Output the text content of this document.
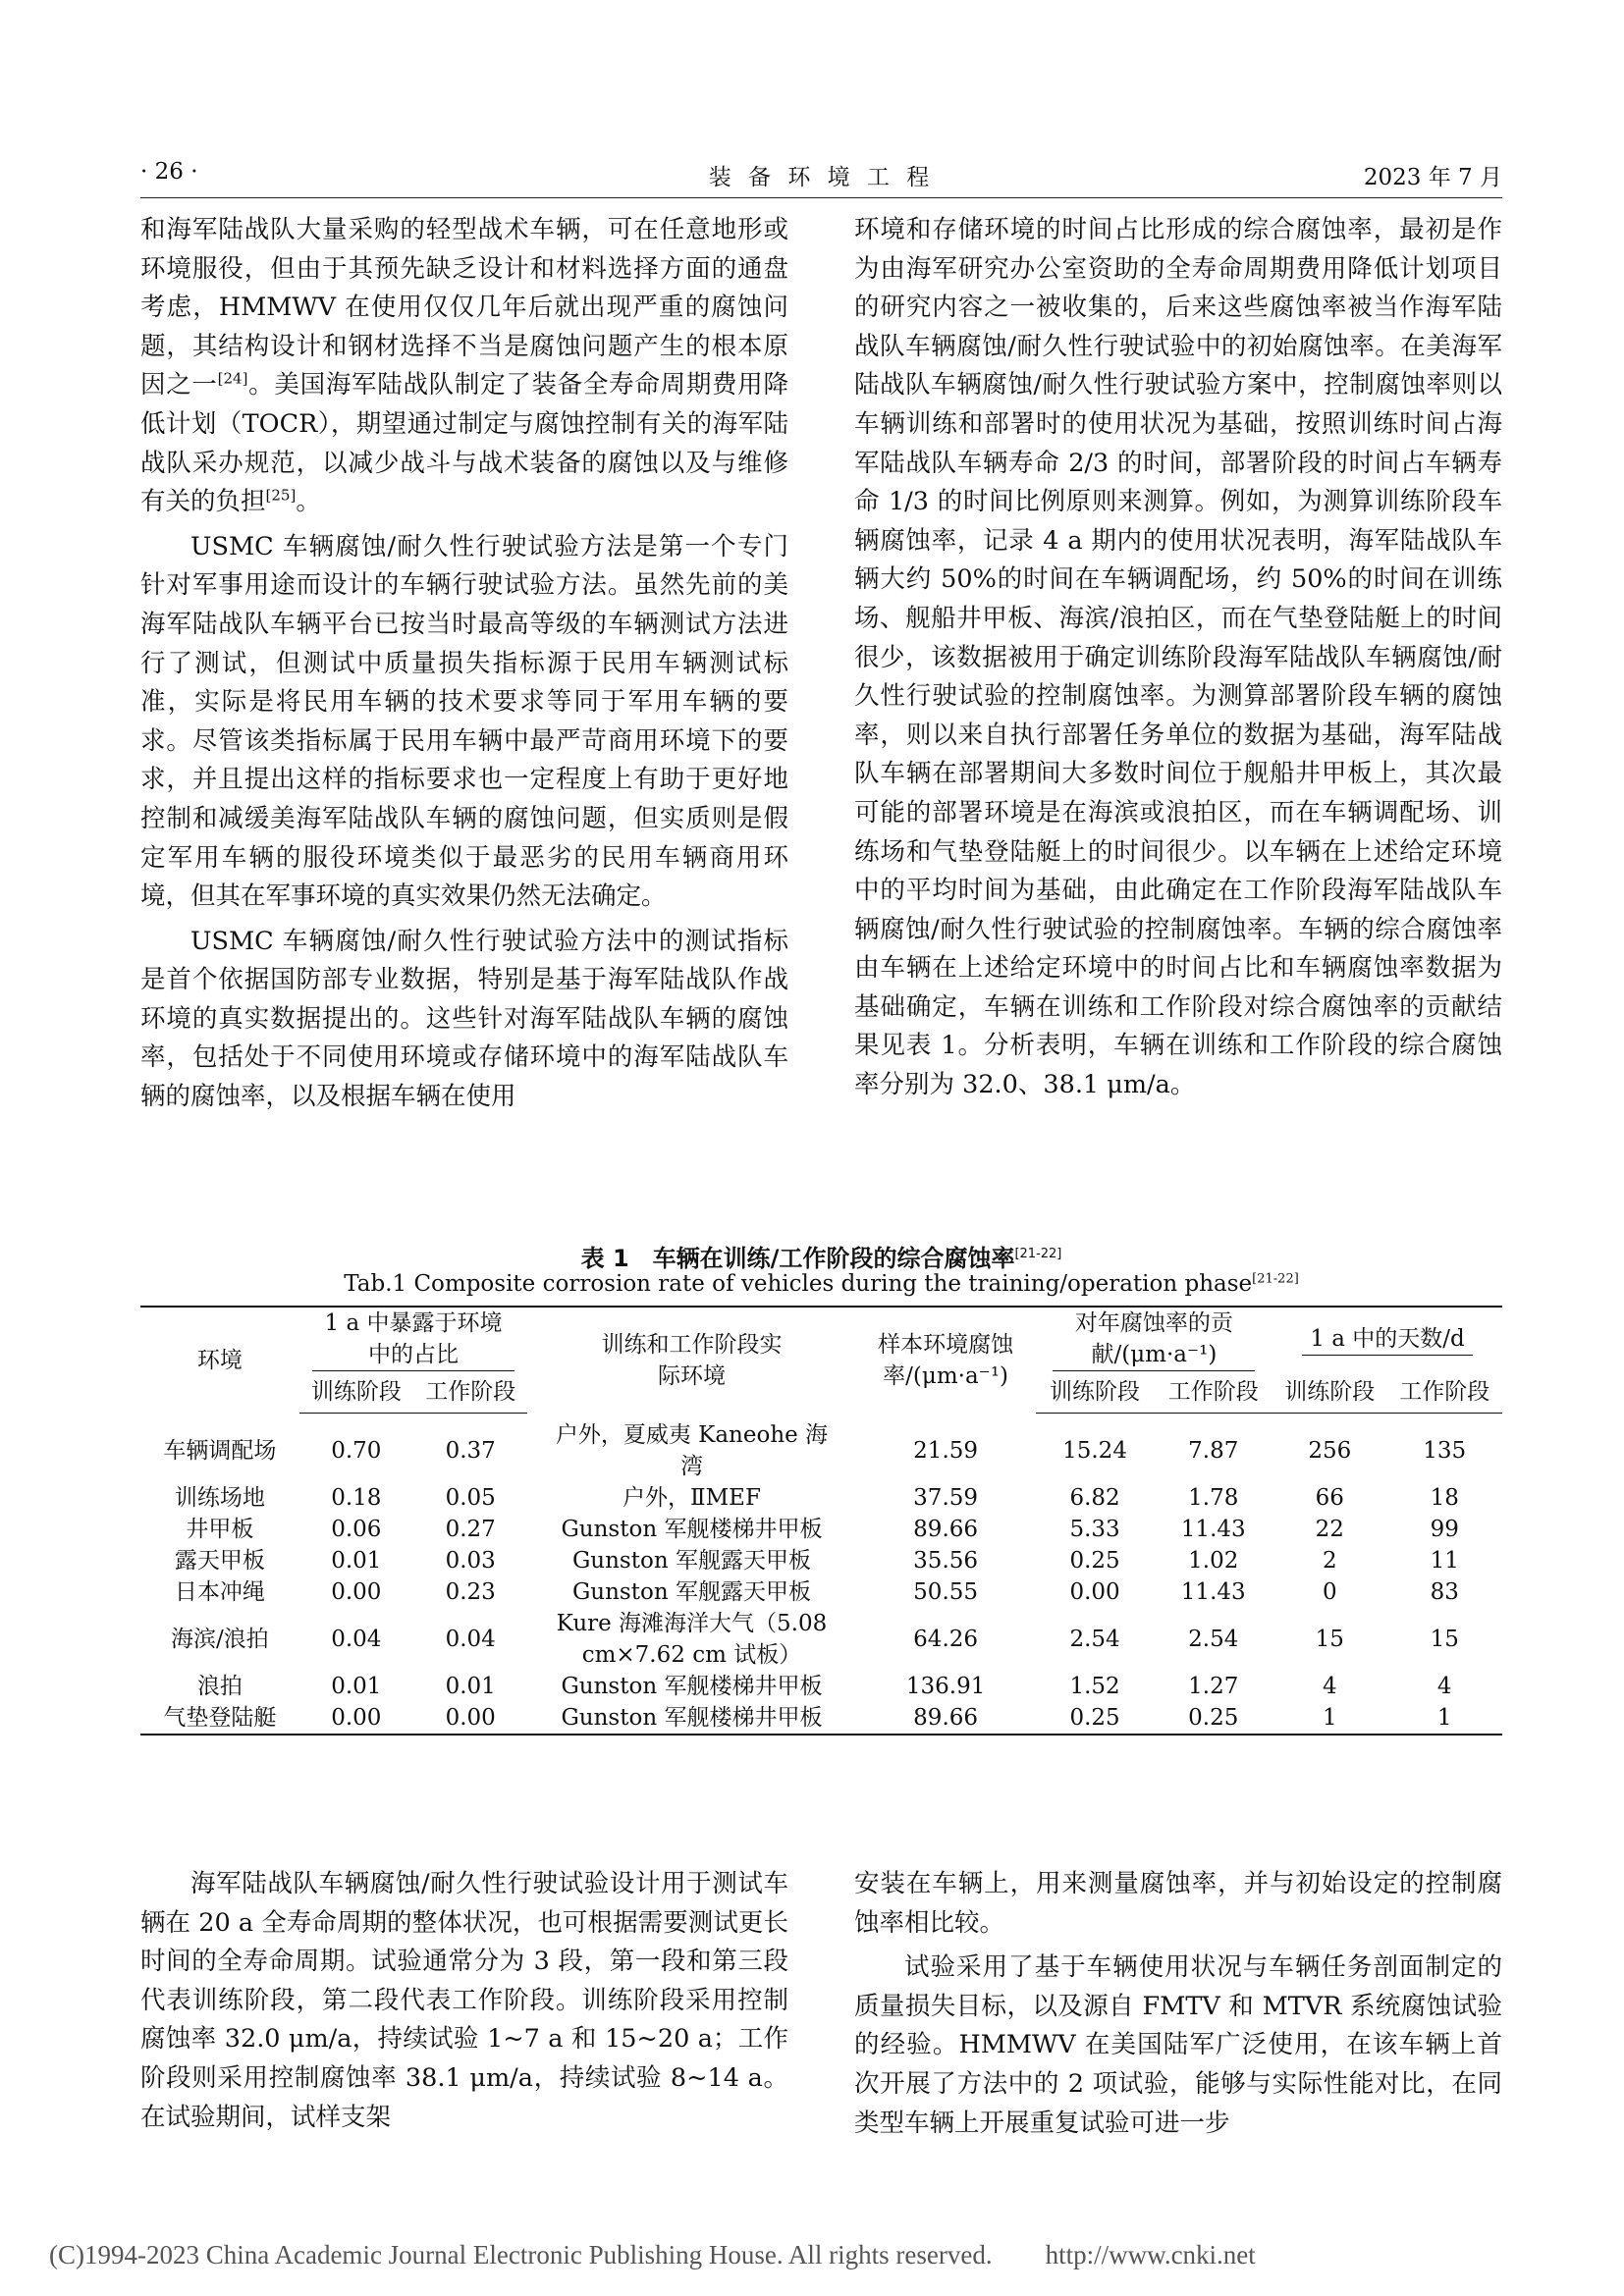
· 26 ·	装 备 环 境 工 程	2023 年 7 月

和海军陆战队大量采购的轻型战术车辆，可在任意地形或环境服役，但由于其预先缺乏设计和材料选择方面的通盘考虑，HMMWV 在使用仅仅几年后就出现严重的腐蚀问题，其结构设计和钢材选择不当是腐蚀问题产生的根本原因之一[24]。美国海军陆战队制定了装备全寿命周期费用降低计划（TOCR），期望通过制定与腐蚀控制有关的海军陆战队采办规范，以减少战斗与战术装备的腐蚀以及与维修有关的负担[25]。

USMC 车辆腐蚀/耐久性行驶试验方法是第一个专门针对军事用途而设计的车辆行驶试验方法。虽然先前的美海军陆战队车辆平台已按当时最高等级的车辆测试方法进行了测试，但测试中质量损失指标源于民用车辆测试标准，实际是将民用车辆的技术要求等同于军用车辆的要求。尽管该类指标属于民用车辆中最严苛商用环境下的要求，并且提出这样的指标要求也一定程度上有助于更好地控制和减缓美海军陆战队车辆的腐蚀问题，但实质则是假定军用车辆的服役环境类似于最恶劣的民用车辆商用环境，但其在军事环境的真实效果仍然无法确定。

USMC 车辆腐蚀/耐久性行驶试验方法中的测试指标是首个依据国防部专业数据，特别是基于海军陆战队作战环境的真实数据提出的。这些针对海军陆战队车辆的腐蚀率，包括处于不同使用环境或存储环境中的海军陆战队车辆的腐蚀率，以及根据车辆在使用

环境和存储环境的时间占比形成的综合腐蚀率，最初是作为由海军研究办公室资助的全寿命周期费用降低计划项目的研究内容之一被收集的，后来这些腐蚀率被当作海军陆战队车辆腐蚀/耐久性行驶试验中的初始腐蚀率。在美海军陆战队车辆腐蚀/耐久性行驶试验方案中，控制腐蚀率则以车辆训练和部署时的使用状况为基础，按照训练时间占海军陆战队车辆寿命 2/3 的时间，部署阶段的时间占车辆寿命 1/3 的时间比例原则来测算。例如，为测算训练阶段车辆腐蚀率，记录 4 a 期内的使用状况表明，海军陆战队车辆大约 50%的时间在车辆调配场，约 50%的时间在训练场、舰船井甲板、海滨/浪拍区，而在气垫登陆艇上的时间很少，该数据被用于确定训练阶段海军陆战队车辆腐蚀/耐久性行驶试验的控制腐蚀率。为测算部署阶段车辆的腐蚀率，则以来自执行部署任务单位的数据为基础，海军陆战队车辆在部署期间大多数时间位于舰船井甲板上，其次最可能的部署环境是在海滨或浪拍区，而在车辆调配场、训练场和气垫登陆艇上的时间很少。以车辆在上述给定环境中的平均时间为基础，由此确定在工作阶段海军陆战队车辆腐蚀/耐久性行驶试验的控制腐蚀率。车辆的综合腐蚀率由车辆在上述给定环境中的时间占比和车辆腐蚀率数据为基础确定，车辆在训练和工作阶段对综合腐蚀率的贡献结果见表 1。分析表明，车辆在训练和工作阶段的综合腐蚀率分别为 32.0、38.1 μm/a。

表 1　车辆在训练/工作阶段的综合腐蚀率[21-22]
Tab.1 Composite corrosion rate of vehicles during the training/operation phase[21-22]
环境	1 a 中暴露于环境中的占比		训练和工作阶段实际环境	样本环境腐蚀率/(μm·a⁻¹)	对年腐蚀率的贡献/(μm·a⁻¹)		1 a 中的天数/d	
	训练阶段	工作阶段			训练阶段	工作阶段	训练阶段	工作阶段
车辆调配场	0.70	0.37	户外，夏威夷 Kaneohe 海湾	21.59	15.24	7.87	256	135
训练场地	0.18	0.05	户外，ⅡMEF	37.59	6.82	1.78	66	18
井甲板	0.06	0.27	Gunston 军舰楼梯井甲板	89.66	5.33	11.43	22	99
露天甲板	0.01	0.03	Gunston 军舰露天甲板	35.56	0.25	1.02	2	11
日本冲绳	0.00	0.23	Gunston 军舰露天甲板	50.55	0.00	11.43	0	83
海滨/浪拍	0.04	0.04	Kure 海滩海洋大气（5.08 cm×7.62 cm 试板）	64.26	2.54	2.54	15	15
浪拍	0.01	0.01	Gunston 军舰楼梯井甲板	136.91	1.52	1.27	4	4
气垫登陆艇	0.00	0.00	Gunston 军舰楼梯井甲板	89.66	0.25	0.25	1	1

海军陆战队车辆腐蚀/耐久性行驶试验设计用于测试车辆在 20 a 全寿命周期的整体状况，也可根据需要测试更长时间的全寿命周期。试验通常分为 3 段，第一段和第三段代表训练阶段，第二段代表工作阶段。训练阶段采用控制腐蚀率 32.0 μm/a，持续试验 1~7 a 和 15~20 a；工作阶段则采用控制腐蚀率 38.1 μm/a，持续试验 8~14 a。在试验期间，试样支架

安装在车辆上，用来测量腐蚀率，并与初始设定的控制腐蚀率相比较。

试验采用了基于车辆使用状况与车辆任务剖面制定的质量损失目标，以及源自 FMTV 和 MTVR 系统腐蚀试验的经验。HMMWV 在美国陆军广泛使用，在该车辆上首次开展了方法中的 2 项试验，能够与实际性能对比，在同类型车辆上开展重复试验可进一步

(C)1994-2023 China Academic Journal Electronic Publishing House. All rights reserved.　　http://www.cnki.net
